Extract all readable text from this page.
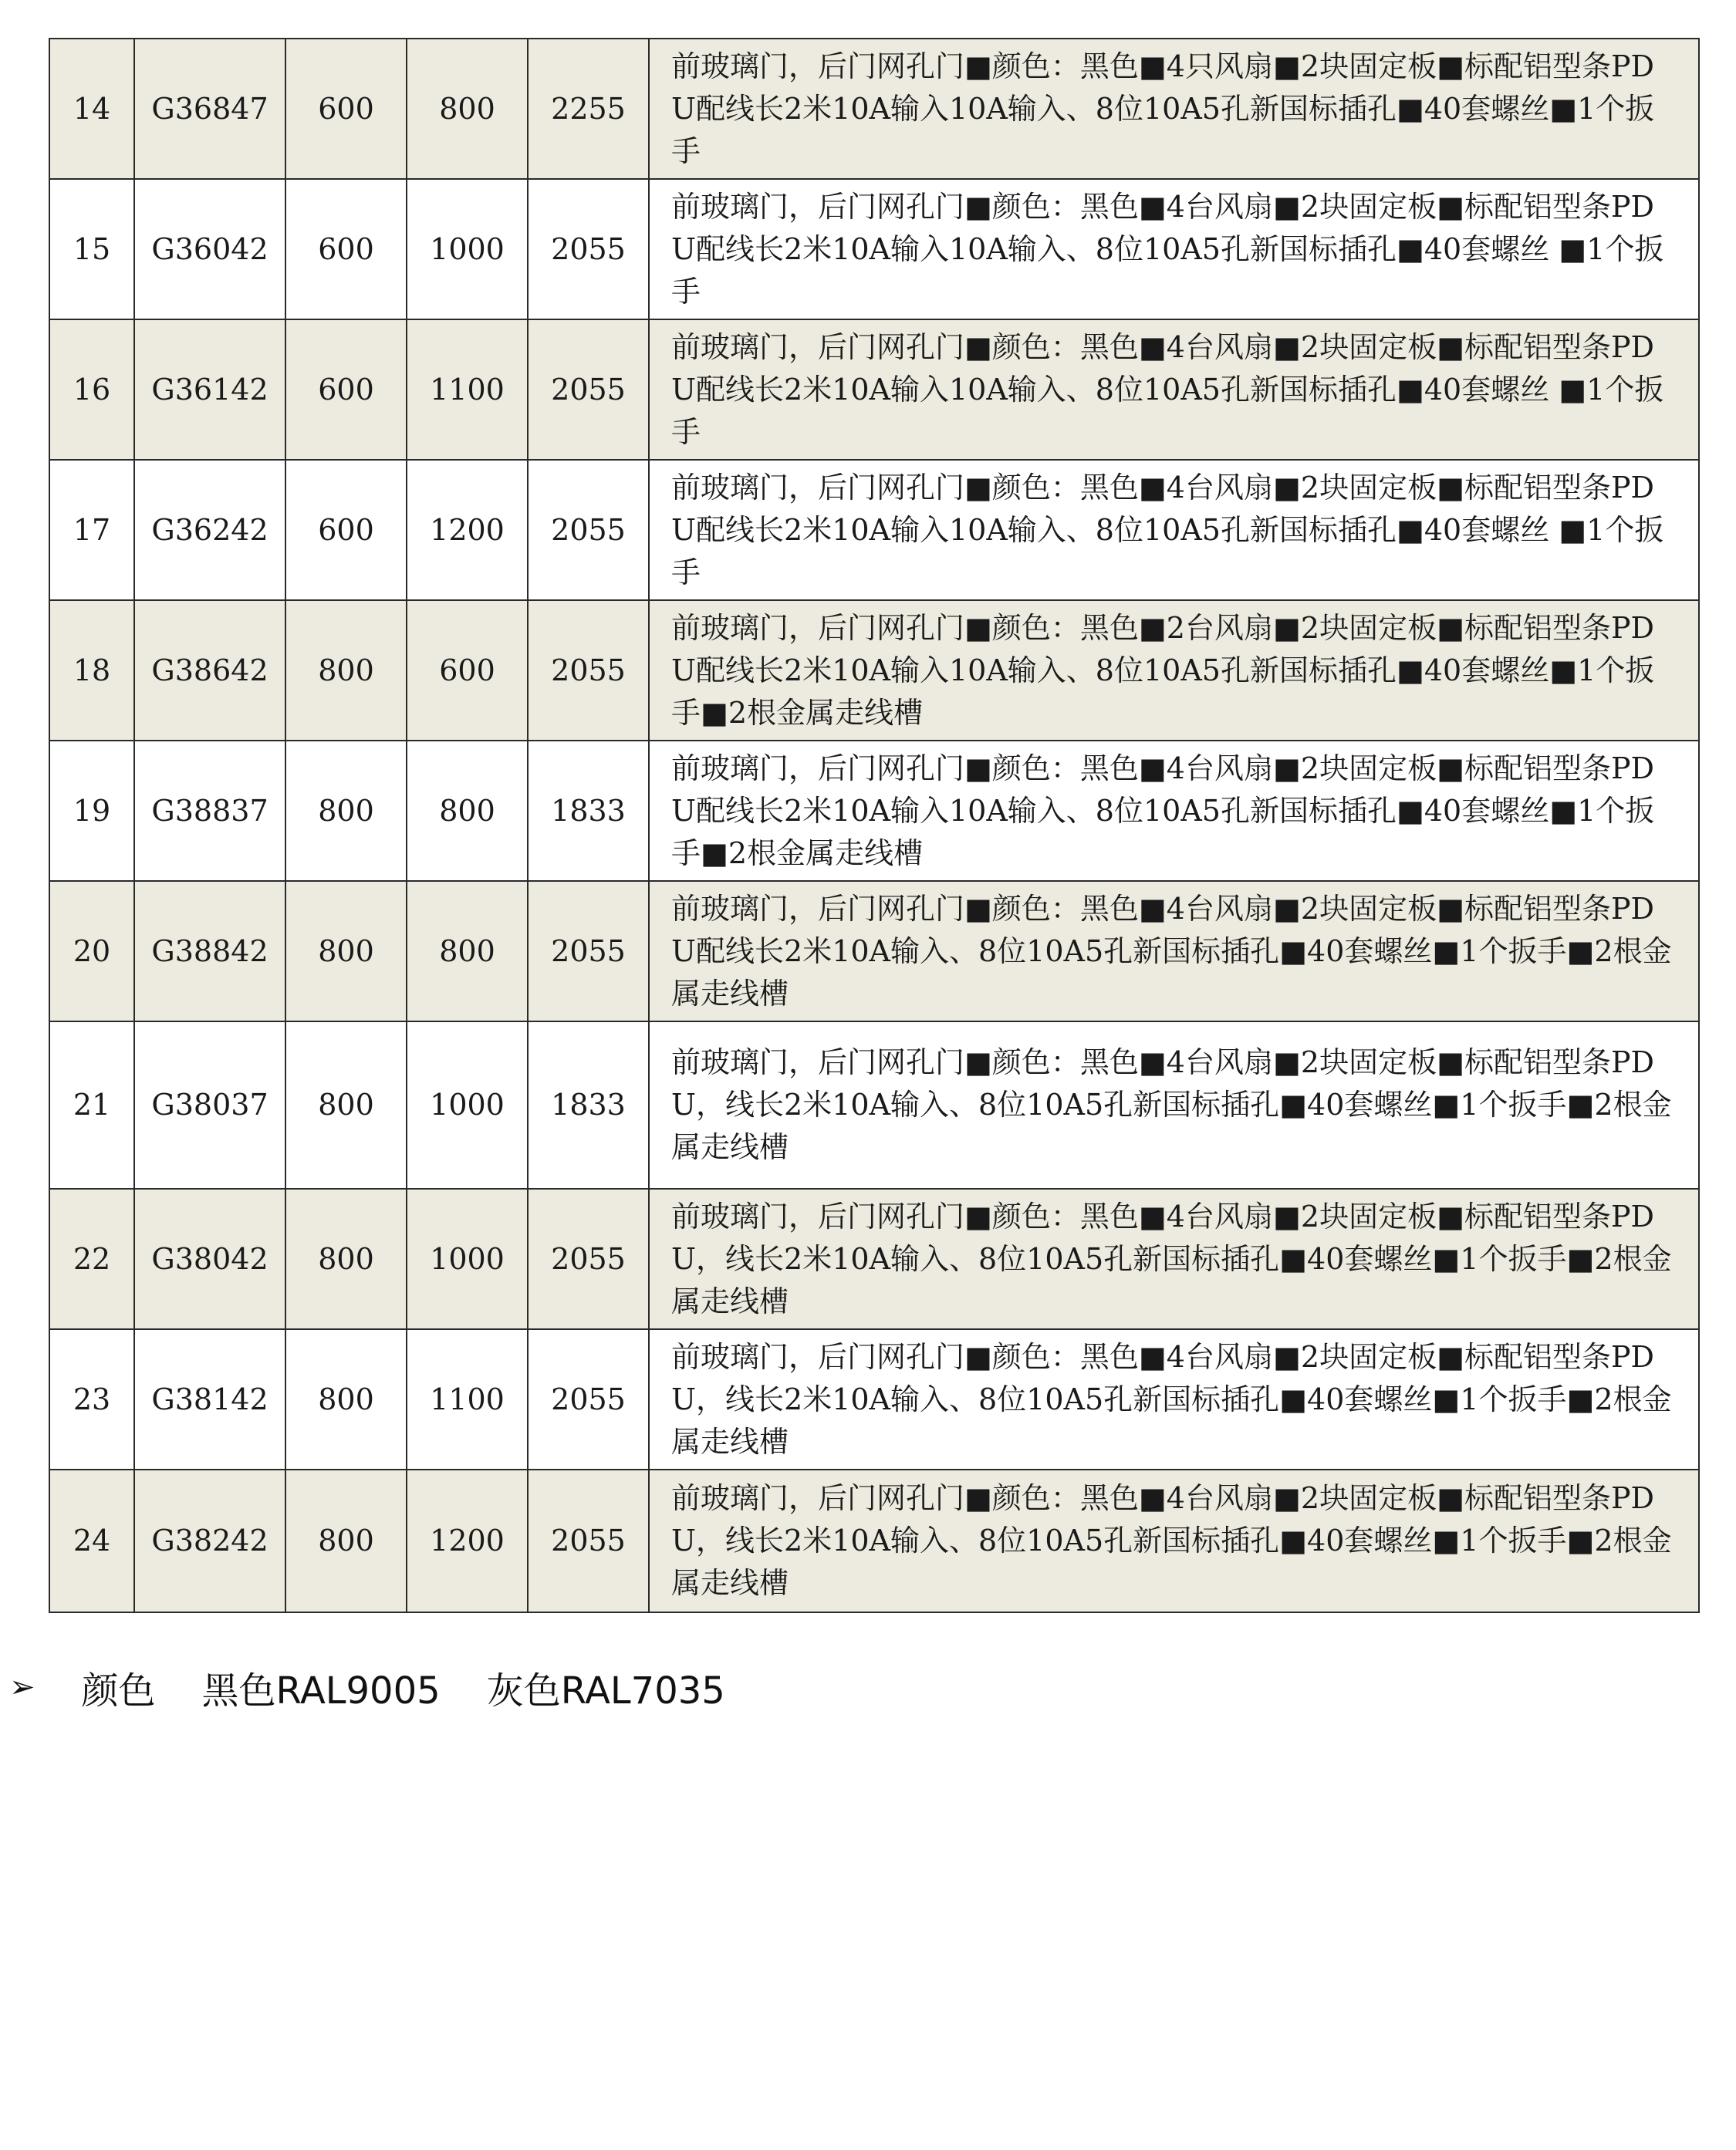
14	G36847	600	800	2255	前玻璃门，后门网孔门■颜色：黑色■4只风扇■2块固定板■标配铝型条PDU配线长2米10A输入10A输入、8位10A5孔新国标插孔■40套螺丝■1个扳手
15	G36042	600	1000	2055	前玻璃门，后门网孔门■颜色：黑色■4台风扇■2块固定板■标配铝型条PDU配线长2米10A输入10A输入、8位10A5孔新国标插孔■40套螺丝 ■1个扳手
16	G36142	600	1100	2055	前玻璃门，后门网孔门■颜色：黑色■4台风扇■2块固定板■标配铝型条PDU配线长2米10A输入10A输入、8位10A5孔新国标插孔■40套螺丝 ■1个扳手
17	G36242	600	1200	2055	前玻璃门，后门网孔门■颜色：黑色■4台风扇■2块固定板■标配铝型条PDU配线长2米10A输入10A输入、8位10A5孔新国标插孔■40套螺丝 ■1个扳手
18	G38642	800	600	2055	前玻璃门，后门网孔门■颜色：黑色■2台风扇■2块固定板■标配铝型条PDU配线长2米10A输入10A输入、8位10A5孔新国标插孔■40套螺丝■1个扳手■2根金属走线槽
19	G38837	800	800	1833	前玻璃门，后门网孔门■颜色：黑色■4台风扇■2块固定板■标配铝型条PDU配线长2米10A输入10A输入、8位10A5孔新国标插孔■40套螺丝■1个扳手■2根金属走线槽
20	G38842	800	800	2055	前玻璃门，后门网孔门■颜色：黑色■4台风扇■2块固定板■标配铝型条PDU配线长2米10A输入、8位10A5孔新国标插孔■40套螺丝■1个扳手■2根金属走线槽
21	G38037	800	1000	1833	前玻璃门，后门网孔门■颜色：黑色■4台风扇■2块固定板■标配铝型条PDU，线长2米10A输入、8位10A5孔新国标插孔■40套螺丝■1个扳手■2根金属走线槽
22	G38042	800	1000	2055	前玻璃门，后门网孔门■颜色：黑色■4台风扇■2块固定板■标配铝型条PDU，线长2米10A输入、8位10A5孔新国标插孔■40套螺丝■1个扳手■2根金属走线槽
23	G38142	800	1100	2055	前玻璃门，后门网孔门■颜色：黑色■4台风扇■2块固定板■标配铝型条PDU，线长2米10A输入、8位10A5孔新国标插孔■40套螺丝■1个扳手■2根金属走线槽
24	G38242	800	1200	2055	前玻璃门，后门网孔门■颜色：黑色■4台风扇■2块固定板■标配铝型条PDU，线长2米10A输入、8位10A5孔新国标插孔■40套螺丝■1个扳手■2根金属走线槽
➢ 颜色 黑色RAL9005 灰色RAL7035
